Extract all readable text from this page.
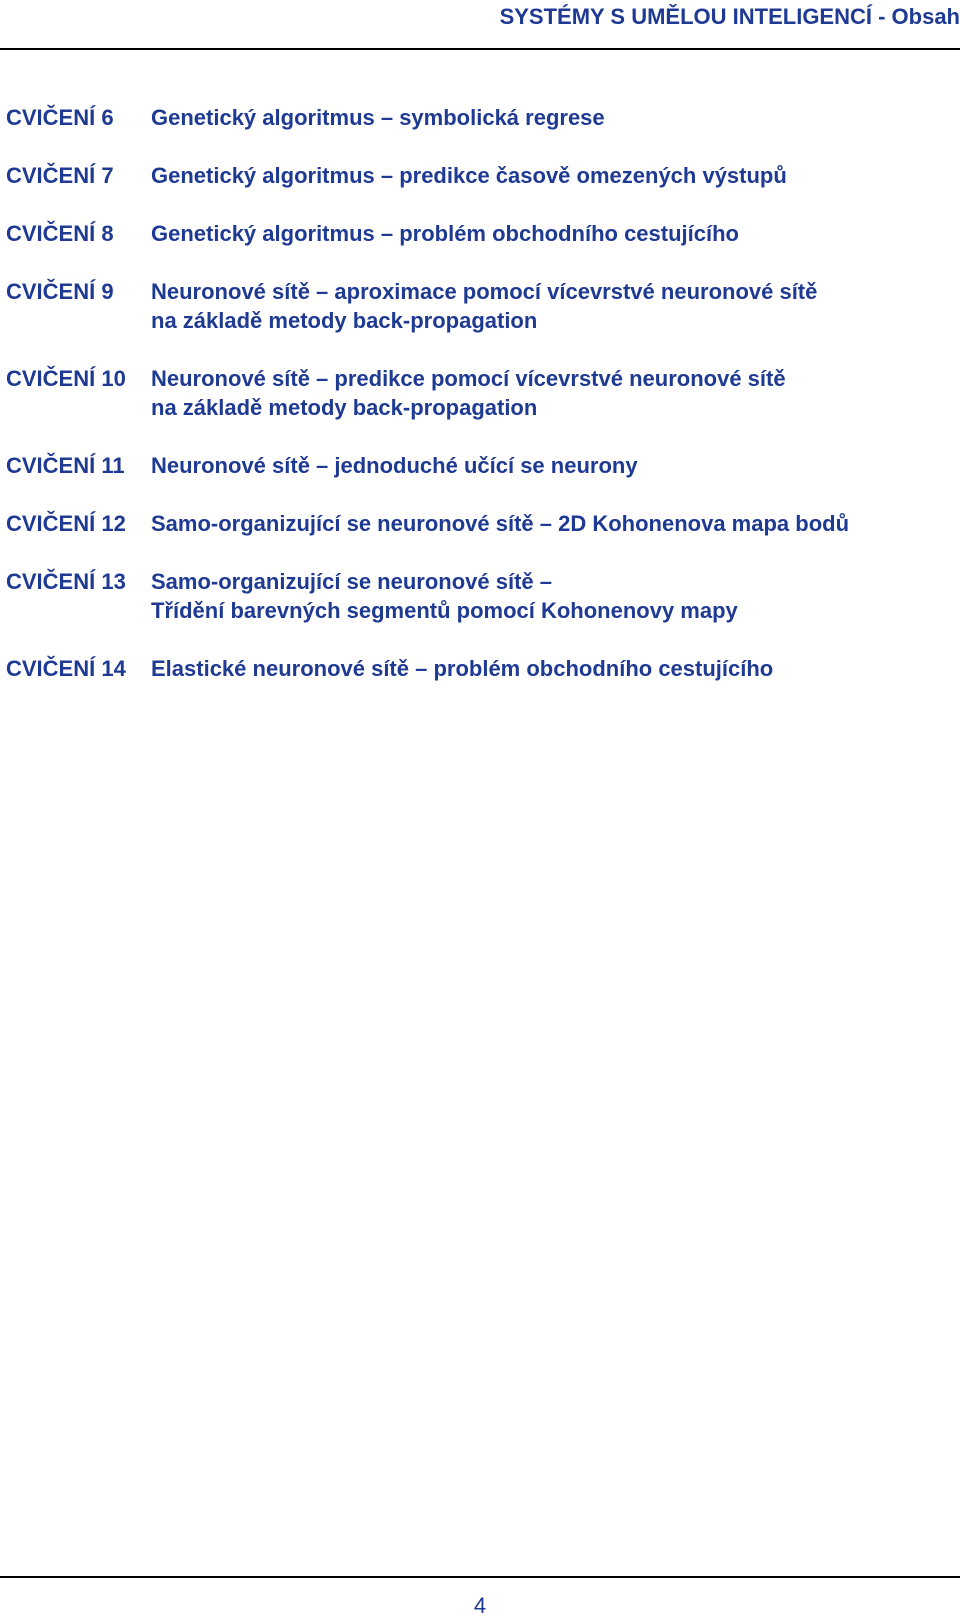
SYSTÉMY S UMĚLOU INTELIGENCÍ - Obsah
CVIČENÍ 6	Genetický algoritmus – symbolická regrese
CVIČENÍ 7	Genetický algoritmus – predikce časově omezených výstupů
CVIČENÍ 8	Genetický algoritmus – problém obchodního cestujícího
CVIČENÍ 9	Neuronové sítě – aproximace pomocí vícevrstvé neuronové sítě
na základě metody back-propagation
CVIČENÍ 10	Neuronové sítě – predikce pomocí vícevrstvé neuronové sítě
na základě metody back-propagation
CVIČENÍ 11	Neuronové sítě – jednoduché učící se neurony
CVIČENÍ 12	Samo-organizující se neuronové sítě – 2D Kohonenova mapa bodů
CVIČENÍ 13	Samo-organizující se neuronové sítě –
Třídění barevných segmentů pomocí Kohonenovy mapy
CVIČENÍ 14	Elastické neuronové sítě – problém obchodního cestujícího
4
